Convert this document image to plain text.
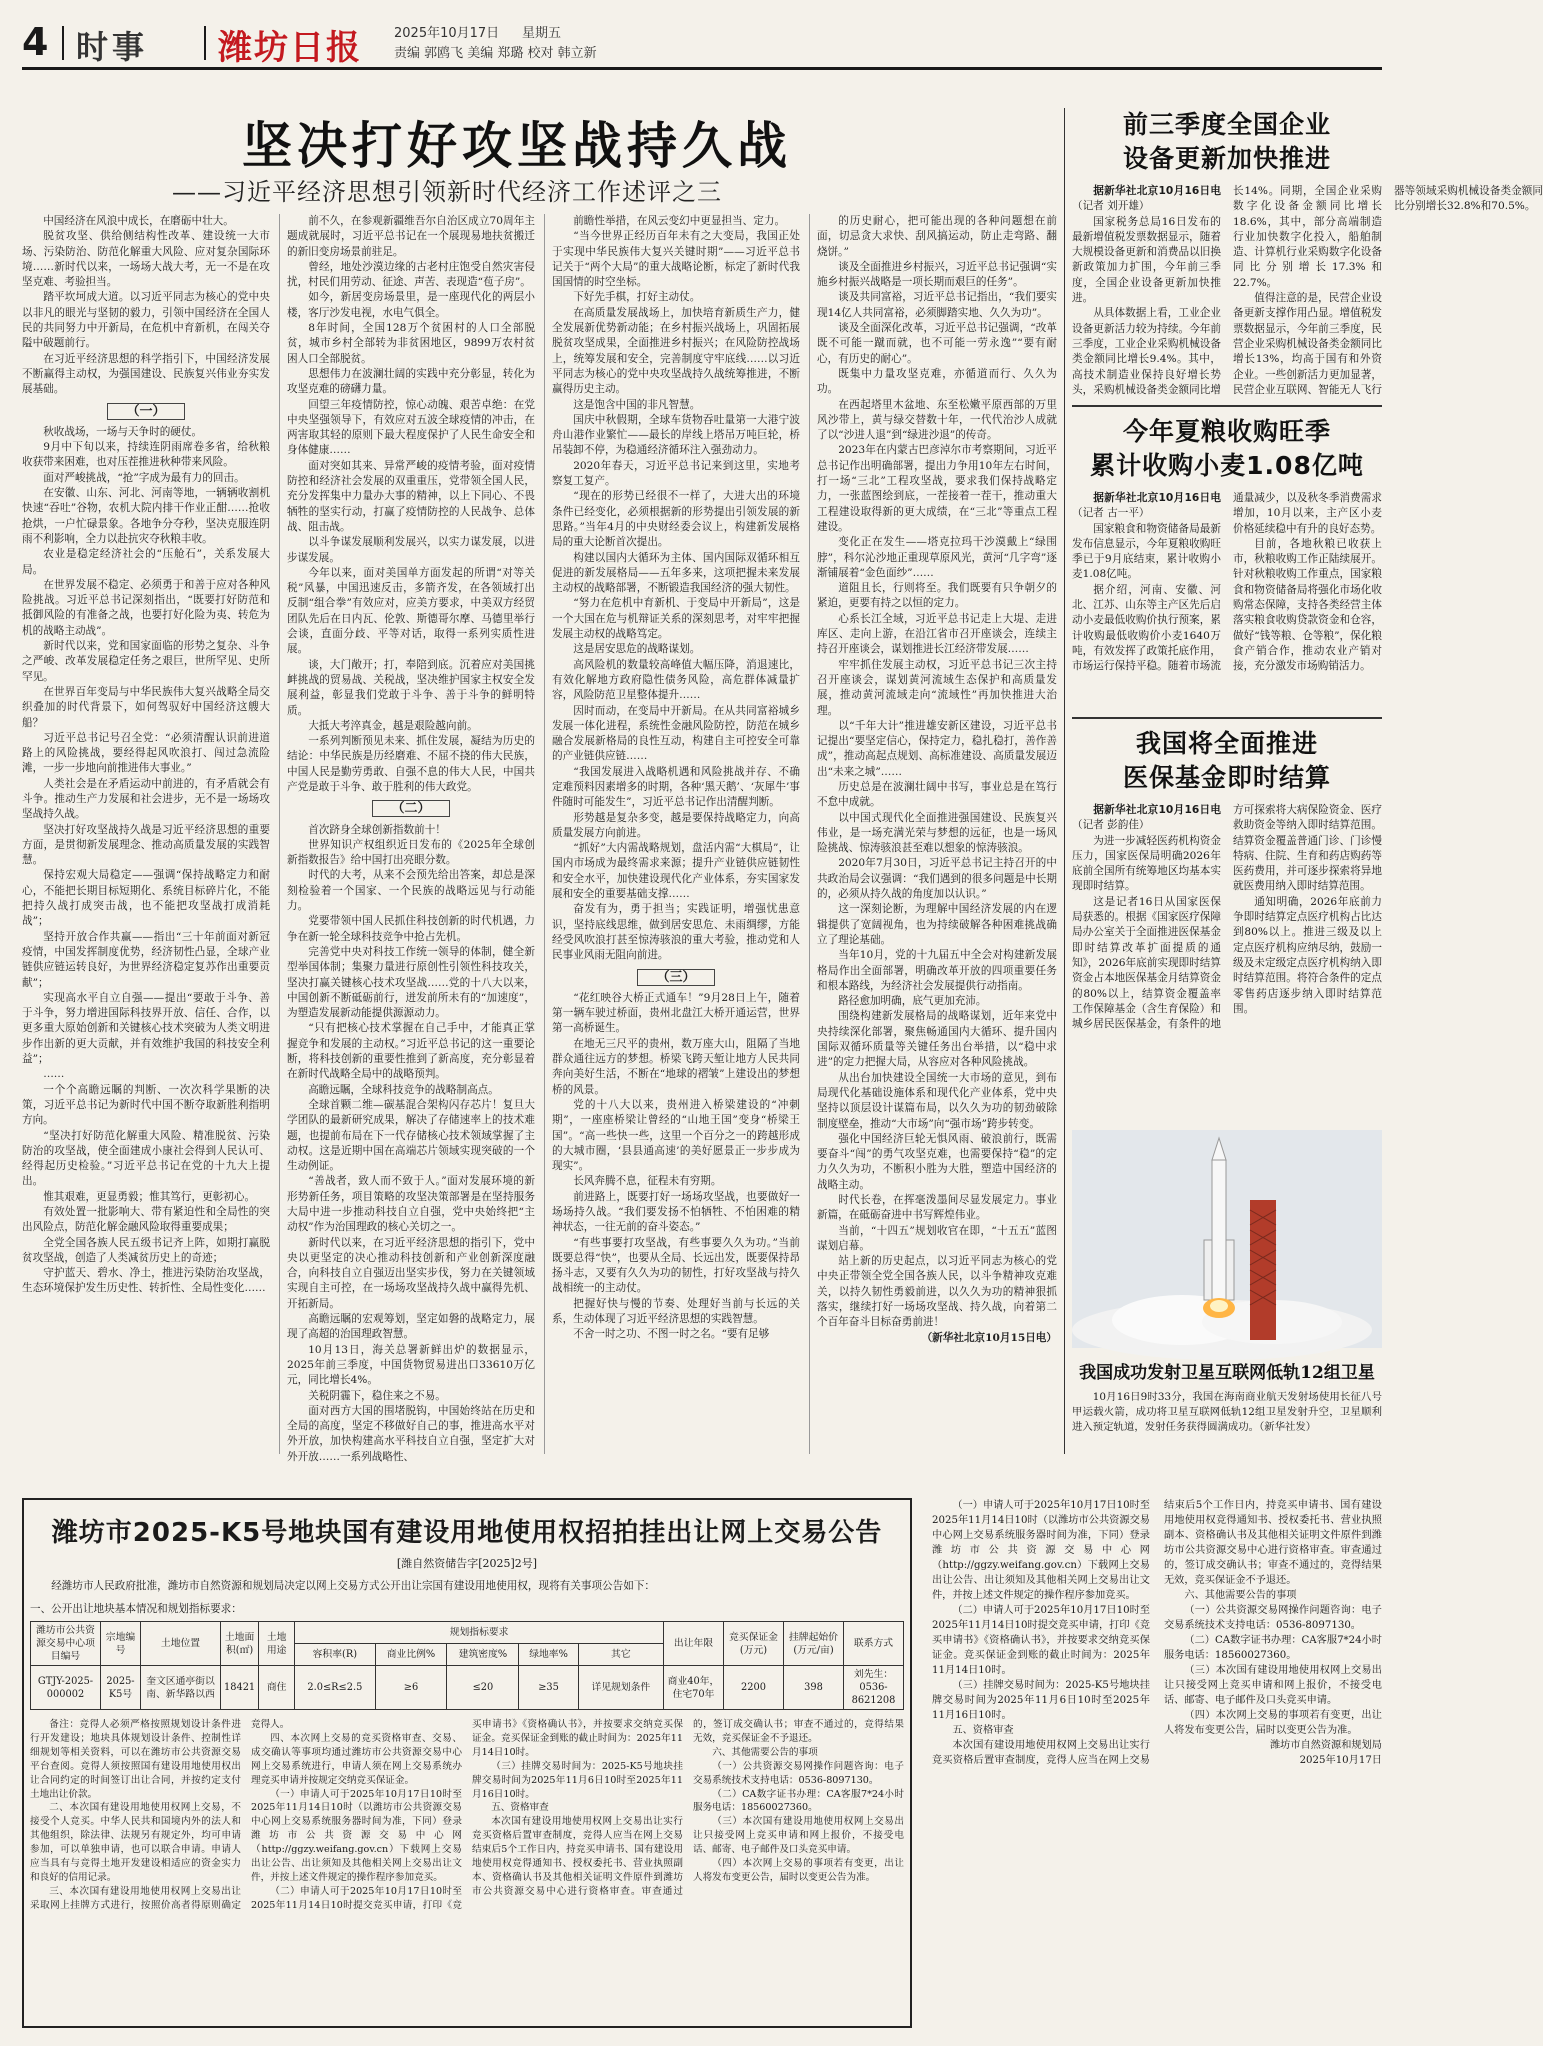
4 时事 潍坊日报 2025年10月17日 星期五
责编 郭鸥飞 美编 郑璐 校对 韩立新
坚决打好攻坚战持久战
——习近平经济思想引领新时代经济工作述评之三

中国经济在风浪中成长，在磨砺中壮大。

脱贫攻坚、供给侧结构性改革、建设统一大市场、污染防治、防范化解重大风险、应对复杂国际环境……新时代以来，一场场大战大考，无一不是在攻坚克难、考验担当。

踏平坎坷成大道。以习近平同志为核心的党中央以非凡的眼光与坚韧的毅力，引领中国经济在全国人民的共同努力中开新局，在危机中育新机，在闯关夺隘中破题前行。

在习近平经济思想的科学指引下，中国经济发展不断赢得主动权，为强国建设、民族复兴伟业夯实发展基础。

（一）

秋收战场，一场与天争时的硬仗。

9月中下旬以来，持续连阴雨席卷多省，给秋粮收获带来困难，也对压茬推进秋种带来风险。

面对严峻挑战，“抢”字成为最有力的回击。

在安徽、山东、河北、河南等地，一辆辆收割机快速“吞吐”谷物，农机大院内排干作业正酣……抢收抢烘，一户忙碌景象。各地争分夺秒，坚决克服连阴雨不利影响，全力以赴抗灾夺秋粮丰收。

农业是稳定经济社会的“压舱石”，关系发展大局。

在世界发展不稳定、必须勇于和善于应对各种风险挑战。习近平总书记深刻指出，“既要打好防范和抵御风险的有准备之战，也要打好化险为夷、转危为机的战略主动战”。

新时代以来，党和国家面临的形势之复杂、斗争之严峻、改革发展稳定任务之艰巨，世所罕见、史所罕见。

在世界百年变局与中华民族伟大复兴战略全局交织叠加的时代背景下，如何驾驭好中国经济这艘大船？

习近平总书记号召全党：“必须清醒认识前进道路上的风险挑战，要经得起风吹浪打、闯过急流险滩，一步一步地向前推进伟大事业。”

人类社会是在矛盾运动中前进的，有矛盾就会有斗争。推动生产力发展和社会进步，无不是一场场攻坚战持久战。

坚决打好攻坚战持久战是习近平经济思想的重要方面，是贯彻新发展理念、推动高质量发展的实践智慧。

保持宏观大局稳定——强调“保持战略定力和耐心，不能把长期目标短期化、系统目标碎片化，不能把持久战打成突击战，也不能把攻坚战打成消耗战”；

坚持开放合作共赢——指出“三十年前面对新冠疫情，中国发挥制度优势，经济韧性凸显，全球产业链供应链运转良好，为世界经济稳定复苏作出重要贡献”；

实现高水平自立自强——提出“要敢于斗争、善于斗争，努力增进国际科技界开放、信任、合作，以更多重大原始创新和关键核心技术突破为人类文明进步作出新的更大贡献，并有效维护我国的科技安全利益”；

……

一个个高瞻远瞩的判断、一次次科学果断的决策，习近平总书记为新时代中国不断夺取新胜利指明方向。

“坚决打好防范化解重大风险、精准脱贫、污染防治的攻坚战，使全面建成小康社会得到人民认可、经得起历史检验。”习近平总书记在党的十九大上提出。

惟其艰难，更显勇毅；惟其笃行，更彰初心。

有效处置一批影响大、带有紧迫性和全局性的突出风险点，防范化解金融风险取得重要成果；

全党全国各族人民五级书记齐上阵，如期打赢脱贫攻坚战，创造了人类减贫历史上的奇迹；

守护蓝天、碧水、净土，推进污染防治攻坚战，生态环境保护发生历史性、转折性、全局性变化……

前不久，在参观新疆维吾尔自治区成立70周年主题成就展时，习近平总书记在一个展现易地扶贫搬迁的新旧变房场景前驻足。

曾经，地处沙漠边缘的古老村庄饱受自然灾害侵扰，村民们用劳动、征途、声苦、表现造“苞子房”。

如今，新居变房场景里，是一座现代化的两层小楼，客厅沙发电视，水电气俱全。

8年时间，全国128万个贫困村的人口全部脱贫，城市乡村全部转为非贫困地区，9899万农村贫困人口全部脱贫。

思想伟力在波澜壮阔的实践中充分彰显，转化为攻坚克难的磅礴力量。

回望三年疫情防控，惊心动魄、艰苦卓绝：在党中央坚强领导下，有效应对五波全球疫情的冲击，在两害取其轻的原则下最大程度保护了人民生命安全和身体健康……

面对突如其来、异常严峻的疫情考验，面对疫情防控和经济社会发展的双重重压，党带领全国人民，充分发挥集中力量办大事的精神，以上下同心、不畏牺牲的坚实行动，打赢了疫情防控的人民战争、总体战、阻击战。

以斗争谋发展顺利发展兴，以实力谋发展，以进步谋发展。

今年以来，面对美国单方面发起的所谓“对等关税”风暴，中国迅速反击，多箭齐发，在各领域打出反制“组合拳”有效应对，应美方要求，中美双方经贸团队先后在日内瓦、伦敦、斯德哥尔摩、马德里举行会谈，直面分歧、平等对话，取得一系列实质性进展。

谈，大门敞开；打，奉陪到底。沉着应对美国挑衅挑战的贸易战、关税战，坚决维护国家主权安全发展利益，彰显我们党敢于斗争、善于斗争的鲜明特质。

大抵大考淬真金，越是艰险越向前。

一系列判断预见未来、抓住发展，凝结为历史的结论：中华民族是历经磨难、不屈不挠的伟大民族，中国人民是勤劳勇敢、自强不息的伟大人民，中国共产党是敢于斗争、敢于胜利的伟大政党。

（二）

首次跻身全球创新指数前十！

世界知识产权组织近日发布的《2025年全球创新指数报告》给中国打出亮眼分数。

时代的大考，从来不会预先给出答案，却总是深刻检验着一个国家、一个民族的战略远见与行动能力。

党要带领中国人民抓住科技创新的时代机遇，力争在新一轮全球科技竞争中抢占先机。

完善党中央对科技工作统一领导的体制，健全新型举国体制；集聚力量进行原创性引领性科技攻关，坚决打赢关键核心技术攻坚战……党的十八大以来，中国创新不断砥砺前行，迸发前所未有的“加速度”，为塑造发展新动能提供源源动力。

“只有把核心技术掌握在自己手中，才能真正掌握竞争和发展的主动权。”习近平总书记的这一重要论断，将科技创新的重要性推到了新高度，充分彰显着在新时代战略全局中的战略预判。

高瞻远瞩，全球科技竞争的战略制高点。

全球首颗二维—碳基混合架构闪存芯片！复旦大学团队的最新研究成果，解决了存储速率上的技术难题，也提前布局在下一代存储核心技术领域掌握了主动权。这是近期中国在高端芯片领域实现突破的一个生动例证。

“善战者，致人而不致于人。”面对发展环境的新形势新任务，项目策略的攻坚决策部署是在坚持服务大局中进一步推动科技自立自强，党中央始终把“主动权”作为治国理政的核心关切之一。

新时代以来，在习近平经济思想的指引下，党中央以更坚定的决心推动科技创新和产业创新深度融合，向科技自立自强迈出坚实步伐，努力在关键领域实现自主可控，在一场场攻坚战持久战中赢得先机、开拓新局。

高瞻远瞩的宏观筹划，坚定如磐的战略定力，展现了高超的治国理政智慧。

10月13日，海关总署新鲜出炉的数据显示，2025年前三季度，中国货物贸易进出口33610万亿元，同比增长4%。

关税阴霾下，稳住来之不易。

面对西方大国的围堵脱钩，中国始终站在历史和全局的高度，坚定不移做好自己的事，推进高水平对外开放，加快构建高水平科技自立自强，坚定扩大对外开放……一系列战略性、

前瞻性举措，在风云变幻中更显担当、定力。

“当今世界正经历百年未有之大变局，我国正处于实现中华民族伟大复兴关键时期”——习近平总书记关于“两个大局”的重大战略论断，标定了新时代我国国情的时空坐标。

下好先手棋，打好主动仗。

在高质量发展战场上，加快培育新质生产力，健全发展新优势新动能；在乡村振兴战场上，巩固拓展脱贫攻坚成果，全面推进乡村振兴；在风险防控战场上，统筹发展和安全，完善制度守牢底线……以习近平同志为核心的党中央攻坚战持久战统筹推进，不断赢得历史主动。

这是饱含中国的非凡智慧。

国庆中秋假期，全球车货物吞吐量第一大港宁波舟山港作业繁忙——最长的岸线上塔吊万吨巨轮，桥吊装卸不停，为稳通经济循环注入强劲动力。

2020年春天，习近平总书记来到这里，实地考察复工复产。

“现在的形势已经很不一样了，大进大出的环境条件已经变化，必须根据新的形势提出引领发展的新思路。”当年4月的中央财经委会议上，构建新发展格局的重大论断首次提出。

构建以国内大循环为主体、国内国际双循环相互促进的新发展格局——五年多来，这项把握未来发展主动权的战略部署，不断锻造我国经济的强大韧性。

“努力在危机中育新机、于变局中开新局”，这是一个大国在危与机辩证关系的深刻思考，对牢牢把握发展主动权的战略笃定。

这是居安思危的战略谋划。

高风险机的数量较高峰值大幅压降，消退速比，有效化解地方政府隐性债务风险，高危群体减量扩容，风险防范卫星整体提升……

因时而动，在变局中开新局。在从共同富裕城乡发展一体化进程，系统性金融风险防控，防范在城乡融合发展新格局的良性互动，构建自主可控安全可靠的产业链供应链……

“我国发展进入战略机遇和风险挑战并存、不确定难预料因素增多的时期，各种‘黑天鹅’、‘灰犀牛’事件随时可能发生”，习近平总书记作出清醒判断。

形势越是复杂多变，越是要保持战略定力，向高质量发展方向前进。

“抓好”大内需战略规划，盘活内需“大棋局”，让国内市场成为最终需求来源；提升产业链供应链韧性和安全水平，加快建设现代化产业体系，夯实国家发展和安全的重要基础支撑……

奋发有为，勇于担当；实践证明，增强忧患意识，坚持底线思维，做到居安思危、未雨绸缪，方能经受风吹浪打甚至惊涛骇浪的重大考验，推动党和人民事业风雨无阻向前进。

（三）

“花红映谷大桥正式通车！”9月28日上午，随着第一辆车驶过桥面，贵州北盘江大桥开通运营，世界第一高桥诞生。

在地无三尺平的贵州，数万座大山，阻隔了当地群众通往远方的梦想。桥梁飞跨天堑让地方人民共同奔向美好生活，不断在“地球的褶皱”上建设出的梦想桥的风景。

党的十八大以来，贵州进入桥梁建设的“冲刺期”，一座座桥梁让曾经的“山地王国”变身“桥梁王国”。“高一些快一些，这里一个百分之一的跨越形成的大城市圈，‘县县通高速’的美好愿景正一步步成为现实”。

长风奔腾不息，征程未有穷期。

前进路上，既要打好一场场攻坚战，也要做好一场场持久战。“我们要发扬不怕牺牲、不怕困难的精神状态，一往无前的奋斗姿态。”

“有些事要打攻坚战，有些事要久久为功。”当前既要总得“快”，也要从全局、长远出发，既要保持昂扬斗志，又要有久久为功的韧性，打好攻坚战与持久战相统一的主动仗。

把握好快与慢的节奏、处理好当前与长远的关系，生动体现了习近平经济思想的实践智慧。

不舍一时之功、不图一时之名。“要有足够

的历史耐心，把可能出现的各种问题想在前面，切忌贪大求快、刮风搞运动，防止走弯路、翻烧饼。”

谈及全面推进乡村振兴，习近平总书记强调“实施乡村振兴战略是一项长期而艰巨的任务”。

谈及共同富裕，习近平总书记指出，“我们要实现14亿人共同富裕，必须脚踏实地、久久为功”。

谈及全面深化改革，习近平总书记强调，“改革既不可能一蹴而就，也不可能一劳永逸”“要有耐心，有历史的耐心”。

既集中力量攻坚克难，亦循道而行、久久为功。

在西起塔里木盆地、东至松嫩平原西部的万里风沙带上，黄与绿交替数十年，一代代治沙人成就了以“沙进人退”到“绿进沙退”的传奇。

2023年在内蒙古巴彦淖尔市考察期间，习近平总书记作出明确部署，提出力争用10年左右时间，打一场“三北”工程攻坚战，要求我们保持战略定力，一张蓝图绘到底，一茬接着一茬干，推动重大工程建设取得新的更大成绩，在“三北”等重点工程建设。

变化正在发生——塔克拉玛干沙漠戴上“绿围脖”，科尔沁沙地正重现草原风光，黄河“几字弯”逐渐铺展着“金色面纱”……

道阻且长，行则将至。我们既要有只争朝夕的紧迫，更要有持之以恒的定力。

心系长江全域，习近平总书记走上大堤、走进库区、走向上游，在沿江省市召开座谈会，连续主持召开座谈会，谋划推进长江经济带发展……

牢牢抓住发展主动权，习近平总书记三次主持召开座谈会，谋划黄河流域生态保护和高质量发展，推动黄河流域走向“流域性”再加快推进大治理。

以“千年大计”推进雄安新区建设，习近平总书记提出“要坚定信心，保持定力，稳扎稳打，善作善成”，推动高起点规划、高标准建设、高质量发展迈出“未来之城”……

历史总是在波澜壮阔中书写，事业总是在笃行不怠中成就。

以中国式现代化全面推进强国建设、民族复兴伟业，是一场充满光荣与梦想的远征，也是一场风险挑战、惊涛骇浪甚至难以想象的惊涛骇浪。

2020年7月30日，习近平总书记主持召开的中共政治局会议强调：“我们遇到的很多问题是中长期的，必须从持久战的角度加以认识。”

这一深刻论断，为理解中国经济发展的内在逻辑提供了宽阔视角，也为持续破解各种困难挑战确立了理论基础。

当年10月，党的十九届五中全会对构建新发展格局作出全面部署，明确改革开放的四项重要任务和根本路线，为经济社会发展提供行动指南。

路径愈加明确，底气更加充沛。

围绕构建新发展格局的战略谋划，近年来党中央持续深化部署，聚焦畅通国内大循环、提升国内国际双循环质量等关键任务出台举措，以“稳中求进”的定力把握大局，从容应对各种风险挑战。

从出台加快建设全国统一大市场的意见，到布局现代化基础设施体系和现代化产业体系，党中央坚持以顶层设计谋篇布局，以久久为功的韧劲破除制度壁垒，推动“大市场”向“强市场”跨步转变。

强化中国经济巨轮无惧风雨、破浪前行，既需要奋斗“闯”的勇气攻坚克难，也需要保持“稳”的定力久久为功，不断积小胜为大胜，塑造中国经济的战略主动。

时代长卷，在挥毫泼墨间尽显发展定力。事业新篇，在砥砺奋进中书写辉煌伟业。

当前，“十四五”规划收官在即，“十五五”蓝图谋划启幕。

站上新的历史起点，以习近平同志为核心的党中央正带领全党全国各族人民，以斗争精神攻克难关，以持久韧性勇毅前进，以久久为功的精神狠抓落实，继续打好一场场攻坚战、持久战，向着第二个百年奋斗目标奋勇前进！

（新华社北京10月15日电）

前三季度全国企业
设备更新加快推进

据新华社北京10月16日电（记者 刘开雄）

国家税务总局16日发布的最新增值税发票数据显示，随着大规模设备更新和消费品以旧换新政策加力扩围，今年前三季度，全国企业设备更新加快推进。

从具体数据上看，工业企业设备更新活力较为持续。今年前三季度，工业企业采购机械设备类金额同比增长9.4%。其中，高技术制造业保持良好增长势头，采购机械设备类金额同比增长14%。同期，全国企业采购数字化设备金额同比增长18.6%，其中，部分高端制造行业加快数字化投入，船舶制造、计算机行业采购数字化设备同比分别增长17.3%和22.7%。

值得注意的是，民营企业设备更新支撑作用凸显。增值税发票数据显示，今年前三季度，民营企业采购机械设备类金额同比增长13%，均高于国有和外资企业。一些创新活力更加显著，民营企业互联网、智能无人飞行器等领域采购机械设备类金额同比分别增长32.8%和70.5%。

今年夏粮收购旺季
累计收购小麦1.08亿吨

据新华社北京10月16日电（记者 古一平）

国家粮食和物资储备局最新发布信息显示，今年夏粮收购旺季已于9月底结束，累计收购小麦1.08亿吨。

据介绍，河南、安徽、河北、江苏、山东等主产区先后启动小麦最低收购价执行预案，累计收购最低收购价小麦1640万吨，有效发挥了政策托底作用，市场运行保持平稳。随着市场流通量减少，以及秋冬季消费需求增加，10月以来，主产区小麦价格延续稳中有升的良好态势。

目前，各地秋粮已收获上市，秋粮收购工作正陆续展开。针对秋粮收购工作重点，国家粮食和物资储备局将强化市场化收购常态保障，支持各类经营主体落实粮食收购贷款资金和仓容，做好“钱等粮、仓等粮”，保化粮食产销合作，推动农业产销对接，充分激发市场购销活力。

我国将全面推进
医保基金即时结算

据新华社北京10月16日电（记者 彭韵佳）

为进一步减轻医药机构资金压力，国家医保局明确2026年底前全国所有统筹地区均基本实现即时结算。

这是记者16日从国家医保局获悉的。根据《国家医疗保障局办公室关于全面推进医保基金即时结算改革扩面提质的通知》，2026年底前实现即时结算资金占本地医保基金月结算资金的80%以上，结算资金覆盖率工作保障基金（含生育保险）和城乡居民医保基金，有条件的地方可探索将大病保险资金、医疗救助资金等纳入即时结算范围。结算资金覆盖普通门诊、门诊慢特病、住院、生育和药店购药等医药费用，并可逐步探索将异地就医费用纳入即时结算范围。

通知明确，2026年底前力争即时结算定点医疗机构占比达到80%以上。推进三级及以上定点医疗机构应纳尽纳，鼓励一级及未定级定点医疗机构纳入即时结算范围。将符合条件的定点零售药店逐步纳入即时结算范围。

我国成功发射卫星互联网低轨12组卫星
10月16日9时33分，我国在海南商业航天发射场使用长征八号甲运载火箭，成功将卫星互联网低轨12组卫星发射升空，卫星顺利进入预定轨道，发射任务获得圆满成功。（新华社发）
潍坊市2025-K5号地块国有建设用地使用权招拍挂出让网上交易公告
[潍自然资储告字[2025]2号]
经潍坊市人民政府批准，潍坊市自然资源和规划局决定以网上交易方式公开出让宗国有建设用地使用权，现将有关事项公告如下：
一、公开出让地块基本情况和规划指标要求：
潍坊市公共资源交易中心项目编号	宗地编号	土地位置	土地面积(㎡)	土地用途	规划指标要求					出让年限	竞买保证金(万元)	挂牌起始价(万元/亩)	联系方式
					容积率(R)	商业比例%	建筑密度%	绿地率%	其它				
GTJY-2025-000002	2025-K5号	奎文区通亭街以南、新华路以西	18421	商住	2.0≤R≤2.5	≥6	≤20	≥35	详见规划条件	商业40年，住宅70年	2200	398	刘先生：0536-8621208

备注：竞得人必须严格按照规划设计条件进行开发建设；地块具体规划设计条件、控制性详细规划等相关资料，可以在潍坊市公共资源交易平台查阅。竞得人须按照国有建设用地使用权出让合同约定的时间签订出让合同，并按约定支付土地出让价款。

二、本次国有建设用地使用权网上交易，不接受个人竞买。中华人民共和国境内外的法人和其他组织，除法律、法规另有规定外，均可申请参加，可以单独申请，也可以联合申请。申请人应当具有与竞得土地开发建设相适应的资金实力和良好的信用记录。

三、本次国有建设用地使用权网上交易出让采取网上挂牌方式进行，按照价高者得原则确定竞得人。

四、本次网上交易的竞买资格审查、交易、成交确认等事项均通过潍坊市公共资源交易中心网上交易系统进行，申请人须在网上交易系统办理竞买申请并按规定交纳竞买保证金。

（一）申请人可于2025年10月17日10时至2025年11月14日10时（以潍坊市公共资源交易中心网上交易系统服务器时间为准，下同）登录潍坊市公共资源交易中心网（http://ggzy.weifang.gov.cn）下载网上交易出让公告、出让须知及其他相关网上交易出让文件，并按上述文件规定的操作程序参加竞买。

（二）申请人可于2025年10月17日10时至2025年11月14日10时提交竞买申请，打印《竞买申请书》《资格确认书》，并按要求交纳竞买保证金。竞买保证金到账的截止时间为：2025年11月14日10时。

（三）挂牌交易时间为：2025-K5号地块挂牌交易时间为2025年11月6日10时至2025年11月16日10时。

五、资格审查

本次国有建设用地使用权网上交易出让实行竞买资格后置审查制度，竞得人应当在网上交易结束后5个工作日内，持竞买申请书、国有建设用地使用权竞得通知书、授权委托书、营业执照副本、资格确认书及其他相关证明文件原件到潍坊市公共资源交易中心进行资格审查。审查通过的，签订成交确认书；审查不通过的，竞得结果无效，竞买保证金不予退还。

六、其他需要公告的事项

（一）公共资源交易网操作问题咨询：电子交易系统技术支持电话：0536-8097130。

（二）CA数字证书办理：CA客服7*24小时服务电话：18560027360。

（三）本次国有建设用地使用权网上交易出让只接受网上竞买申请和网上报价，不接受电话、邮寄、电子邮件及口头竞买申请。

（四）本次网上交易的事项若有变更，出让人将发布变更公告，届时以变更公告为准。

（一）申请人可于2025年10月17日10时至2025年11月14日10时（以潍坊市公共资源交易中心网上交易系统服务器时间为准，下同）登录潍坊市公共资源交易中心网（http://ggzy.weifang.gov.cn）下载网上交易出让公告、出让须知及其他相关网上交易出让文件，并按上述文件规定的操作程序参加竞买。

（二）申请人可于2025年10月17日10时至2025年11月14日10时提交竞买申请，打印《竞买申请书》《资格确认书》，并按要求交纳竞买保证金。竞买保证金到账的截止时间为：2025年11月14日10时。

（三）挂牌交易时间为：2025-K5号地块挂牌交易时间为2025年11月6日10时至2025年11月16日10时。

五、资格审查

本次国有建设用地使用权网上交易出让实行竞买资格后置审查制度，竞得人应当在网上交易结束后5个工作日内，持竞买申请书、国有建设用地使用权竞得通知书、授权委托书、营业执照副本、资格确认书及其他相关证明文件原件到潍坊市公共资源交易中心进行资格审查。审查通过的，签订成交确认书；审查不通过的，竞得结果无效，竞买保证金不予退还。

六、其他需要公告的事项

（一）公共资源交易网操作问题咨询：电子交易系统技术支持电话：0536-8097130。

（二）CA数字证书办理：CA客服7*24小时服务电话：18560027360。

（三）本次国有建设用地使用权网上交易出让只接受网上竞买申请和网上报价，不接受电话、邮寄、电子邮件及口头竞买申请。

（四）本次网上交易的事项若有变更，出让人将发布变更公告，届时以变更公告为准。

潍坊市自然资源和规划局

2025年10月17日
